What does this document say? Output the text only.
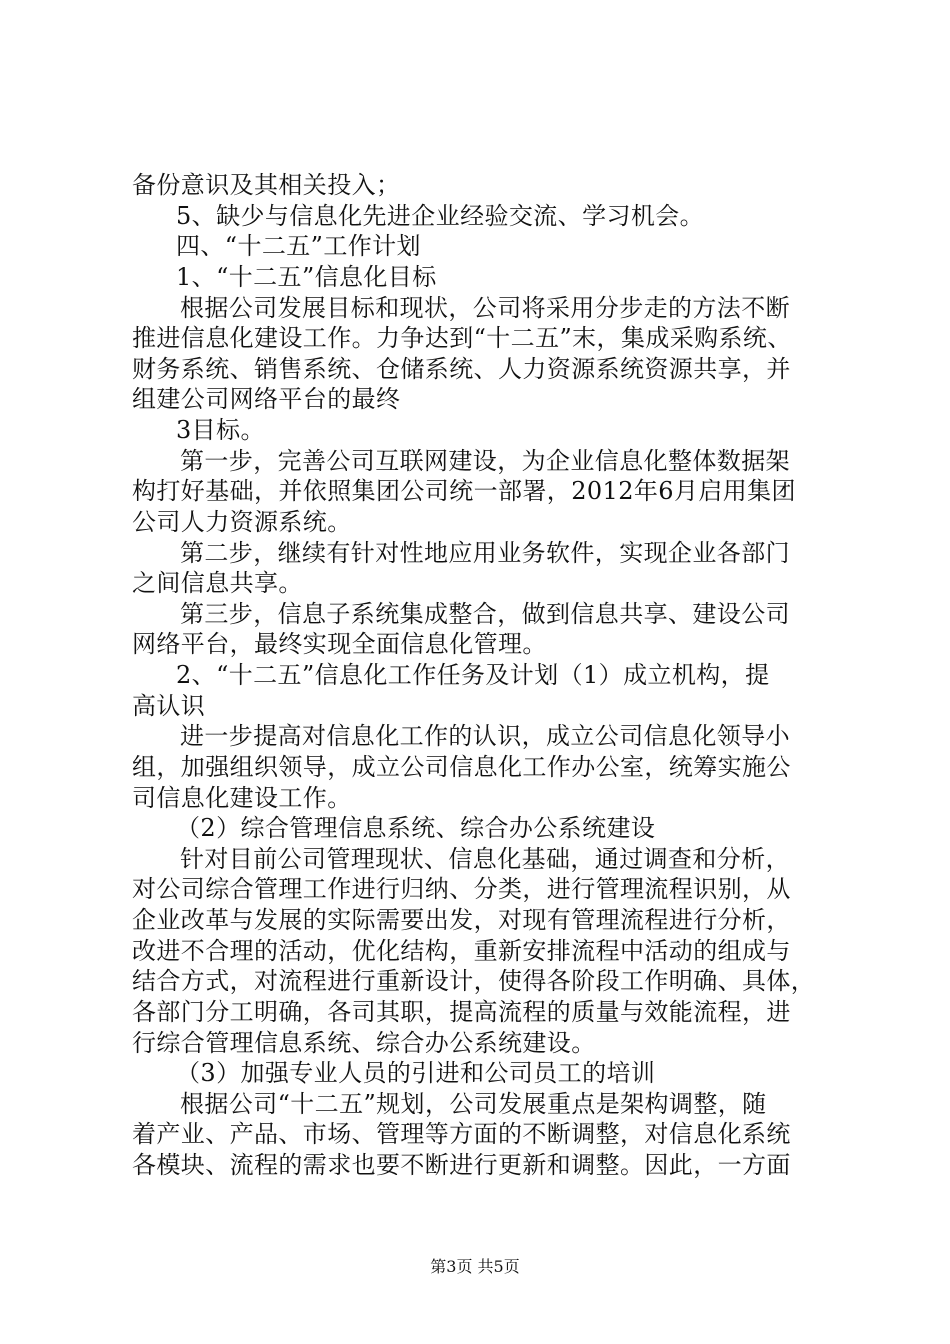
备份意识及其相关投入；
5、缺少与信息化先进企业经验交流、学习机会。
四、“十二五”工作计划
1、“十二五”信息化目标
根据公司发展目标和现状，公司将采用分步走的方法不断
推进信息化建设工作。力争达到“十二五”末，集成采购系统、
财务系统、销售系统、仓储系统、人力资源系统资源共享，并
组建公司网络平台的最终
3目标。
第一步，完善公司互联网建设，为企业信息化整体数据架
构打好基础，并依照集团公司统一部署，2012年6月启用集团
公司人力资源系统。
第二步，继续有针对性地应用业务软件，实现企业各部门
之间信息共享。
第三步，信息子系统集成整合，做到信息共享、建设公司
网络平台，最终实现全面信息化管理。
2、“十二五”信息化工作任务及计划（1）成立机构，提
高认识
进一步提高对信息化工作的认识，成立公司信息化领导小
组，加强组织领导，成立公司信息化工作办公室，统筹实施公
司信息化建设工作。
（2）综合管理信息系统、综合办公系统建设
针对目前公司管理现状、信息化基础，通过调查和分析，
对公司综合管理工作进行归纳、分类，进行管理流程识别，从
企业改革与发展的实际需要出发，对现有管理流程进行分析，
改进不合理的活动，优化结构，重新安排流程中活动的组成与
结合方式，对流程进行重新设计，使得各阶段工作明确、具体，
各部门分工明确，各司其职，提高流程的质量与效能流程，进
行综合管理信息系统、综合办公系统建设。
（3）加强专业人员的引进和公司员工的培训
根据公司“十二五”规划，公司发展重点是架构调整，随
着产业、产品、市场、管理等方面的不断调整，对信息化系统
各模块、流程的需求也要不断进行更新和调整。因此，一方面
第3页 共5页
